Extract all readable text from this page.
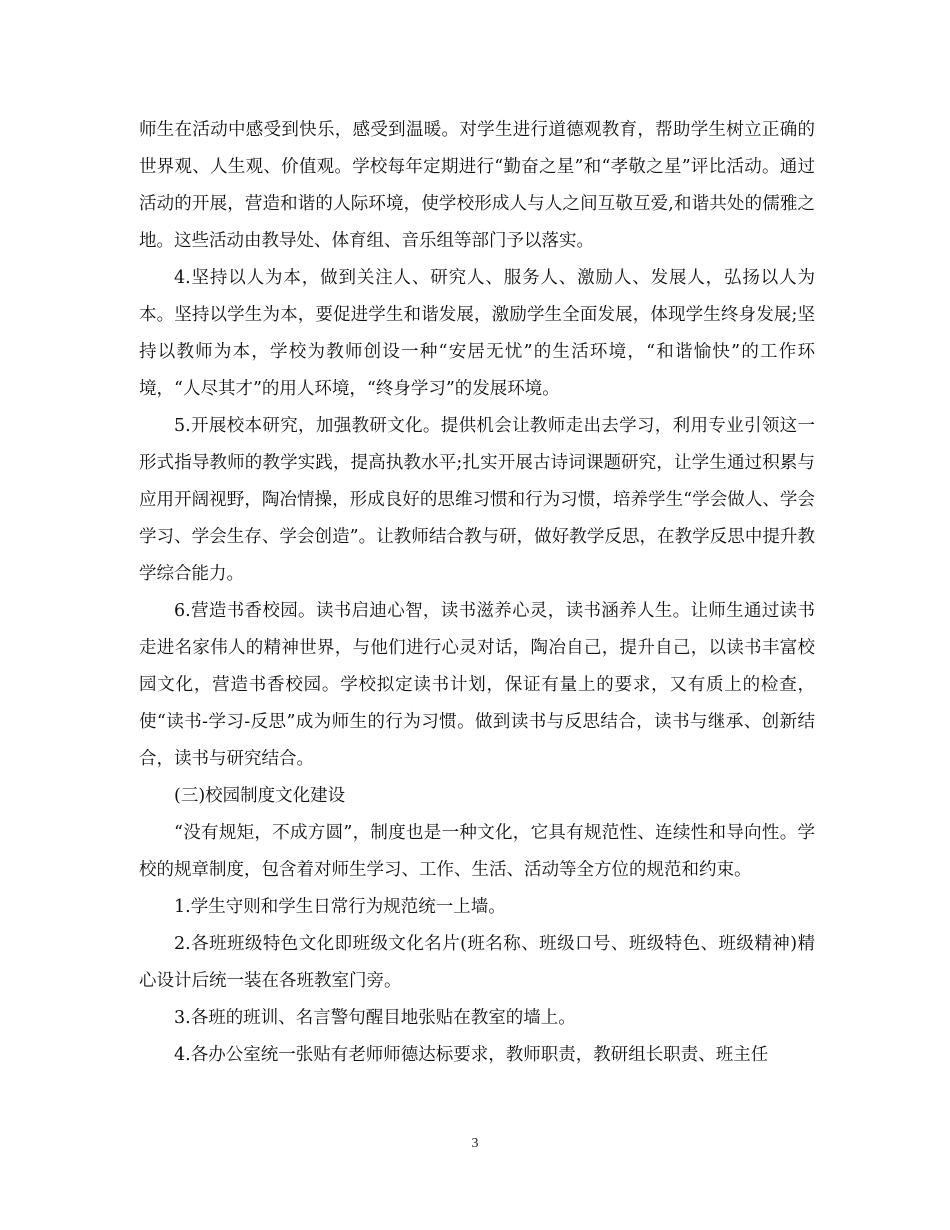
师生在活动中感受到快乐，感受到温暖。对学生进行道德观教育，帮助学生树立正确的世界观、人生观、价值观。学校每年定期进行“勤奋之星”和“孝敬之星”评比活动。通过活动的开展，营造和谐的人际环境，使学校形成人与人之间互敬互爱,和谐共处的儒雅之地。这些活动由教导处、体育组、音乐组等部门予以落实。

4.坚持以人为本，做到关注人、研究人、服务人、激励人、发展人，弘扬以人为本。坚持以学生为本，要促进学生和谐发展，激励学生全面发展，体现学生终身发展;坚持以教师为本，学校为教师创设一种“安居无忧”的生活环境，“和谐愉快”的工作环境，“人尽其才”的用人环境，“终身学习”的发展环境。

5.开展校本研究，加强教研文化。提供机会让教师走出去学习，利用专业引领这一形式指导教师的教学实践，提高执教水平;扎实开展古诗词课题研究，让学生通过积累与应用开阔视野，陶冶情操，形成良好的思维习惯和行为习惯，培养学生“学会做人、学会学习、学会生存、学会创造”。让教师结合教与研，做好教学反思，在教学反思中提升教学综合能力。

6.营造书香校园。读书启迪心智，读书滋养心灵，读书涵养人生。让师生通过读书走进名家伟人的精神世界，与他们进行心灵对话，陶冶自己，提升自己，以读书丰富校园文化，营造书香校园。学校拟定读书计划，保证有量上的要求，又有质上的检查，使“读书-学习-反思”成为师生的行为习惯。做到读书与反思结合，读书与继承、创新结合，读书与研究结合。

(三)校园制度文化建设

“没有规矩，不成方圆”，制度也是一种文化，它具有规范性、连续性和导向性。学校的规章制度，包含着对师生学习、工作、生活、活动等全方位的规范和约束。

1.学生守则和学生日常行为规范统一上墙。

2.各班班级特色文化即班级文化名片(班名称、班级口号、班级特色、班级精神)精心设计后统一装在各班教室门旁。

3.各班的班训、名言警句醒目地张贴在教室的墙上。

4.各办公室统一张贴有老师师德达标要求，教师职责，教研组长职责、班主任

3
